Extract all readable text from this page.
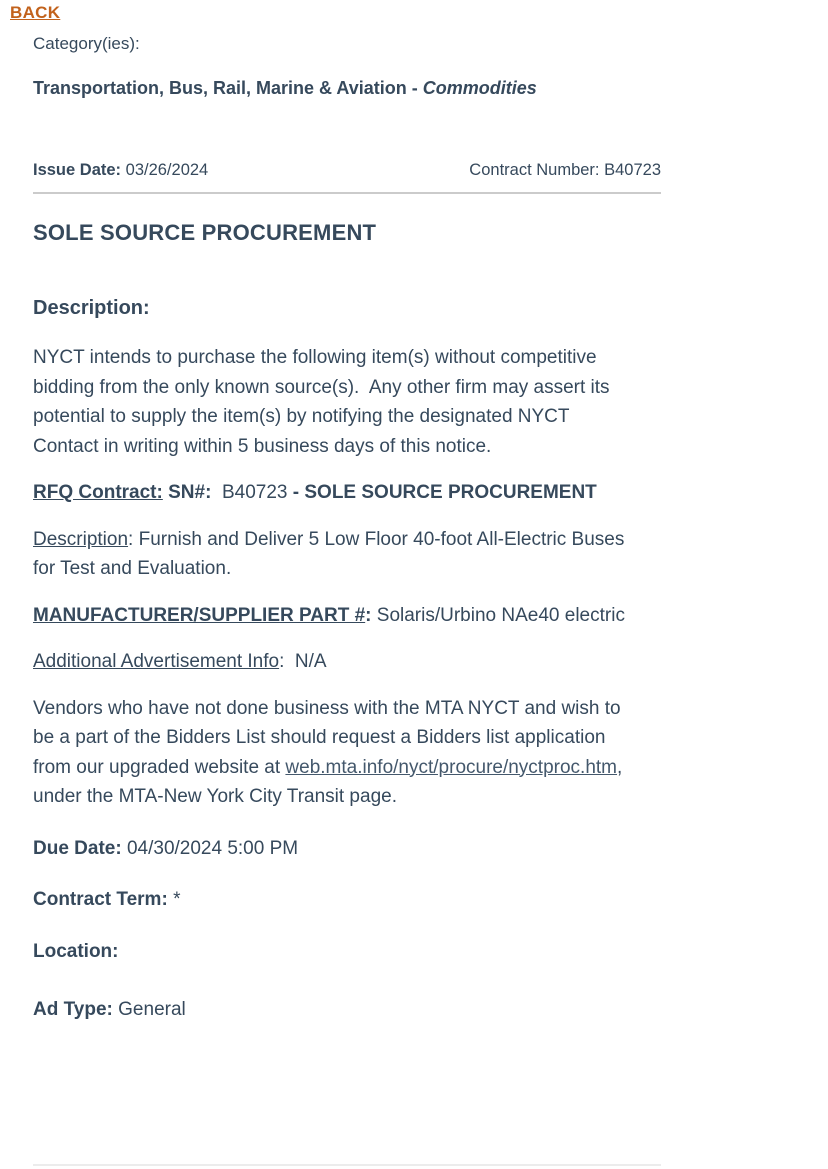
BACK
Category(ies):
Transportation, Bus, Rail, Marine & Aviation - Commodities
Issue Date: 03/26/2024	Contract Number: B40723
SOLE SOURCE PROCUREMENT
Description:

NYCT intends to purchase the following item(s) without competitive bidding from the only known source(s).  Any other firm may assert its potential to supply the item(s) by notifying the designated NYCT Contact in writing within 5 business days of this notice.

RFQ Contract: SN#: B40723 - SOLE SOURCE PROCUREMENT

Description: Furnish and Deliver 5 Low Floor 40-foot All-Electric Buses for Test and Evaluation.

MANUFACTURER/SUPPLIER PART #: Solaris/Urbino NAe40 electric

Additional Advertisement Info:  N/A

Vendors who have not done business with the MTA NYCT and wish to be a part of the Bidders List should request a Bidders list application from our upgraded website at web.mta.info/nyct/procure/nyctproc.htm, under the MTA-New York City Transit page.

Due Date: 04/30/2024 5:00 PM

Contract Term: *

Location:

Ad Type: General
